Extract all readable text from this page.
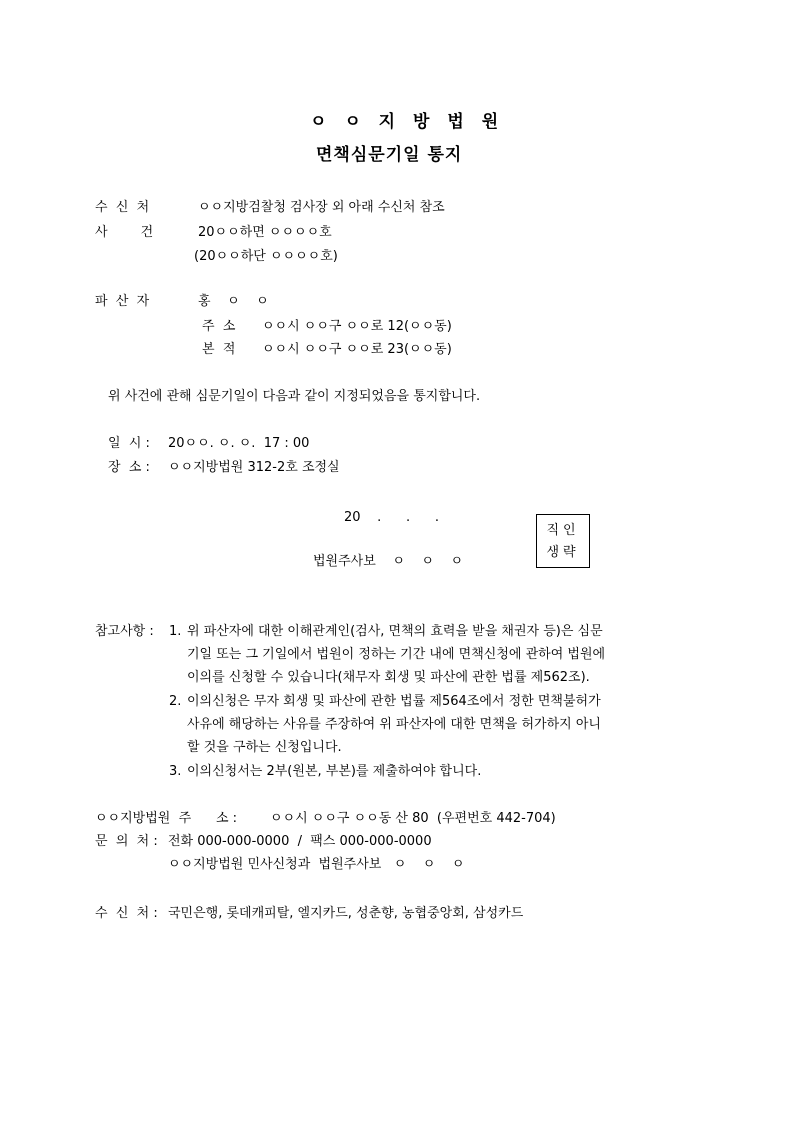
ㅇ ㅇ 지 방 법 원
면책심문기일 통지
수  신  처	ㅇㅇ지방검찰청 검사장 외 아래 수신처 참조
사        건	20ㅇㅇ하면 ㅇㅇㅇㅇ호
(20ㅇㅇ하단 ㅇㅇㅇㅇ호)
파  산  자	홍    ㅇ    ㅇ
주  소 ㅇㅇ시 ㅇㅇ구 ㅇㅇ로 12(ㅇㅇ동)
본  적 ㅇㅇ시 ㅇㅇ구 ㅇㅇ로 23(ㅇㅇ동)
위 사건에 관해 심문기일이 다음과 같이 지정되었음을 통지합니다.
일  시 : 20ㅇㅇ. ㅇ. ㅇ.  17 : 00
장  소 : ㅇㅇ지방법원 312-2호 조정실
20    .      .      .
법원주사보    ㅇ    ㅇ    ㅇ
직인
생략
참고사항 : 1. 위 파산자에 대한 이해관계인(검사, 면책의 효력을 받을 채권자 등)은 심문
기일 또는 그 기일에서 법원이 정하는 기간 내에 면책신청에 관하여 법원에
이의를 신청할 수 있습니다(채무자 회생 및 파산에 관한 법률 제562조).
2. 이의신청은 무자 회생 및 파산에 관한 법률 제564조에서 정한 면책불허가
사유에 해당하는 사유를 주장하여 위 파산자에 대한 면책을 허가하지 아니
할 것을 구하는 신청입니다.
3. 이의신청서는 2부(원본, 부본)를 제출하여야 합니다.
ㅇㅇ지방법원  주      소 :	ㅇㅇ시 ㅇㅇ구 ㅇㅇ동 산 80  (우편번호 442-704)
문  의  처 : 전화 000-000-0000  /  팩스 000-000-0000
ㅇㅇ지방법원 민사신청과  법원주사보   ㅇ    ㅇ    ㅇ
수  신  처 : 국민은행, 롯데캐피탈, 엘지카드, 성춘향, 농협중앙회, 삼성카드
